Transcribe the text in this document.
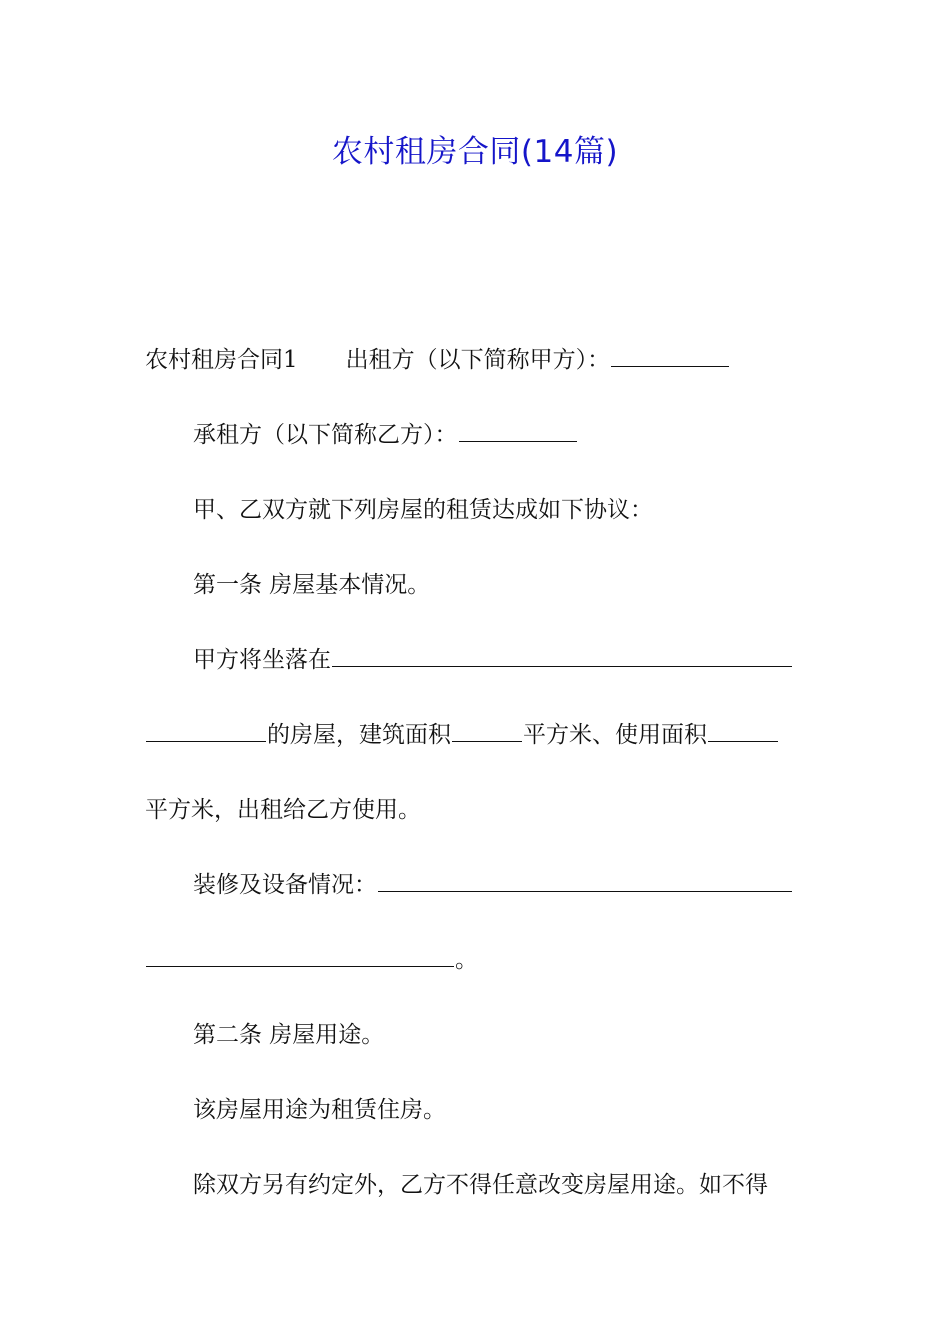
农村租房合同(14篇)
农村租房合同1 出租方（以下简称甲方）：
承租方（以下简称乙方）：
甲、乙双方就下列房屋的租赁达成如下协议：
第一条 房屋基本情况。
甲方将坐落在
的房屋，建筑面积	平方米、使用面积
平方米，出租给乙方使用。
装修及设备情况：
。
第二条 房屋用途。
该房屋用途为租赁住房。
除双方另有约定外，乙方不得任意改变房屋用途。如不得
